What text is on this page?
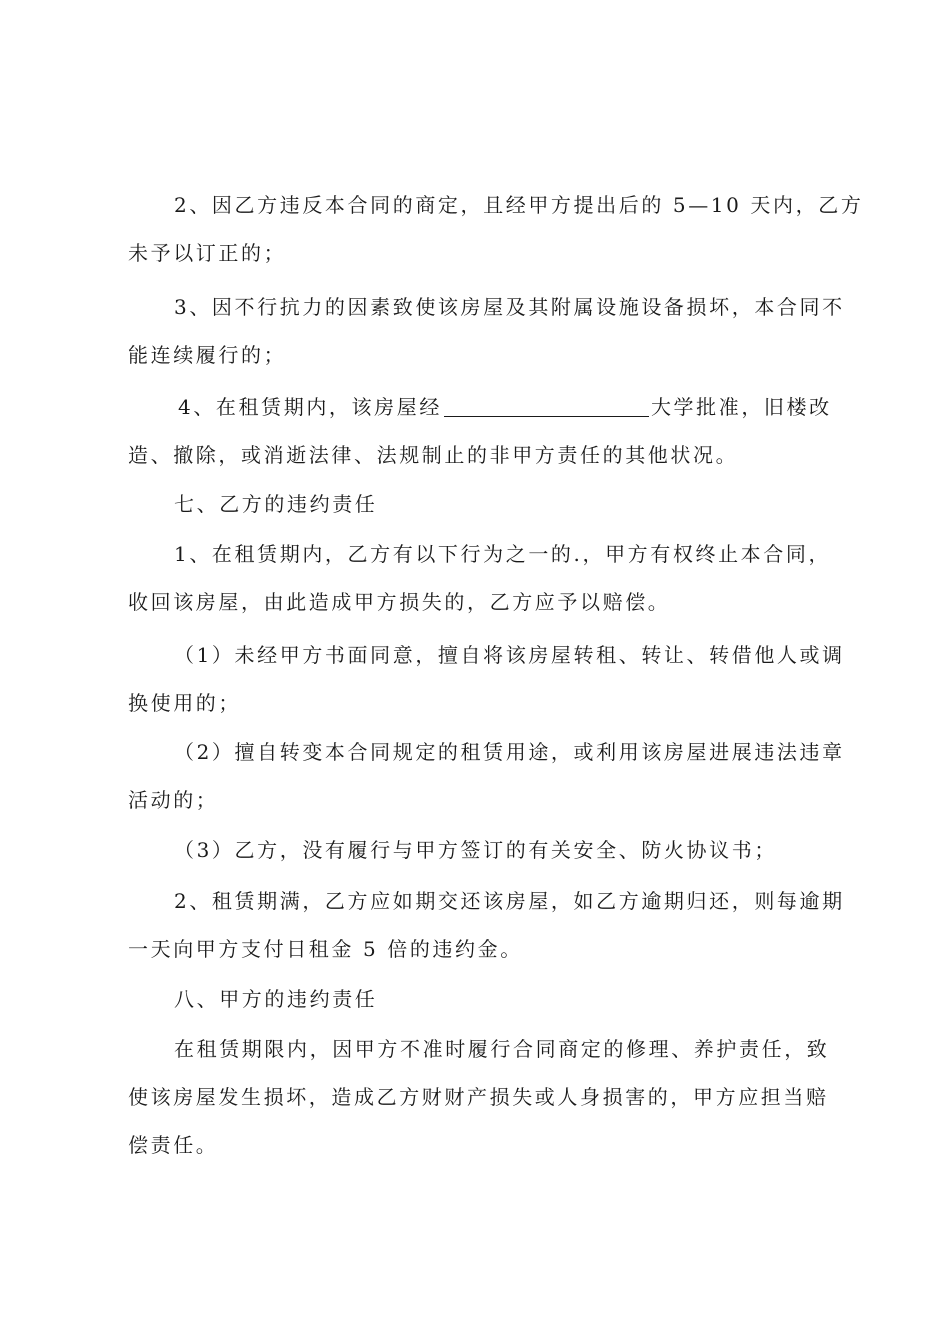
2、因乙方违反本合同的商定，且经甲方提出后的 5—10 天内，乙方
未予以订正的；
3、因不行抗力的因素致使该房屋及其附属设施设备损坏，本合同不
能连续履行的；
4、在租赁期内，该房屋经	大学批准，旧楼改
造、撤除，或消逝法律、法规制止的非甲方责任的其他状况。
七、乙方的违约责任
1、在租赁期内，乙方有以下行为之一的.，甲方有权终止本合同，
收回该房屋，由此造成甲方损失的，乙方应予以赔偿。
（1）未经甲方书面同意，擅自将该房屋转租、转让、转借他人或调
换使用的；
（2）擅自转变本合同规定的租赁用途，或利用该房屋进展违法违章
活动的；
（3）乙方，没有履行与甲方签订的有关安全、防火协议书；
2、租赁期满，乙方应如期交还该房屋，如乙方逾期归还，则每逾期
一天向甲方支付日租金 5 倍的违约金。
八、甲方的违约责任
在租赁期限内，因甲方不准时履行合同商定的修理、养护责任，致
使该房屋发生损坏，造成乙方财财产损失或人身损害的，甲方应担当赔
偿责任。
